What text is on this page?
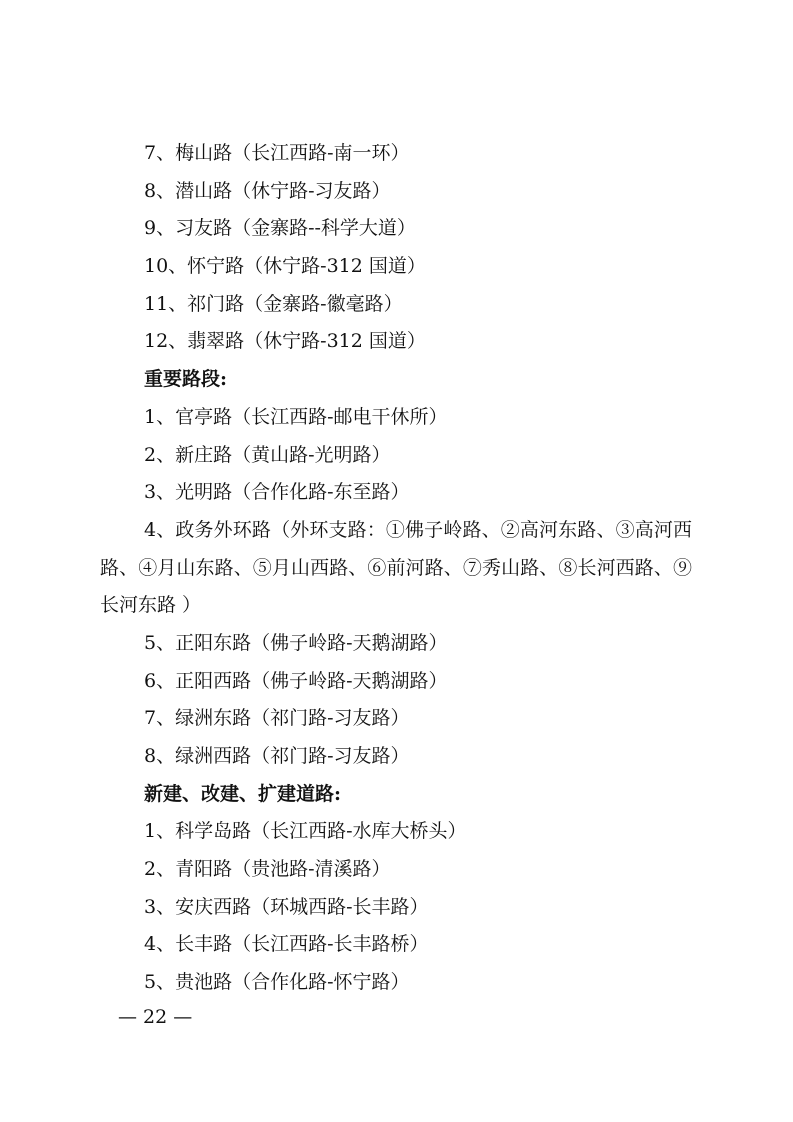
7、梅山路（长江西路-南一环）
8、潜山路（休宁路-习友路）
9、习友路（金寨路--科学大道）
10、怀宁路（休宁路-312 国道）
11、祁门路（金寨路-徽毫路）
12、翡翠路（休宁路-312 国道）
重要路段:
1、官亭路（长江西路-邮电干休所）
2、新庄路（黄山路-光明路）
3、光明路（合作化路-东至路）
4、政务外环路（外环支路：①佛子岭路、②高河东路、③高河西路、④月山东路、⑤月山西路、⑥前河路、⑦秀山路、⑧长河西路、⑨长河东路 ）
5、正阳东路（佛子岭路-天鹅湖路）
6、正阳西路（佛子岭路-天鹅湖路）
7、绿洲东路（祁门路-习友路）
8、绿洲西路（祁门路-习友路）
新建、改建、扩建道路:
1、科学岛路（长江西路-水库大桥头）
2、青阳路（贵池路-清溪路）
3、安庆西路（环城西路-长丰路）
4、长丰路（长江西路-长丰路桥）
5、贵池路（合作化路-怀宁路）
— 22 —
